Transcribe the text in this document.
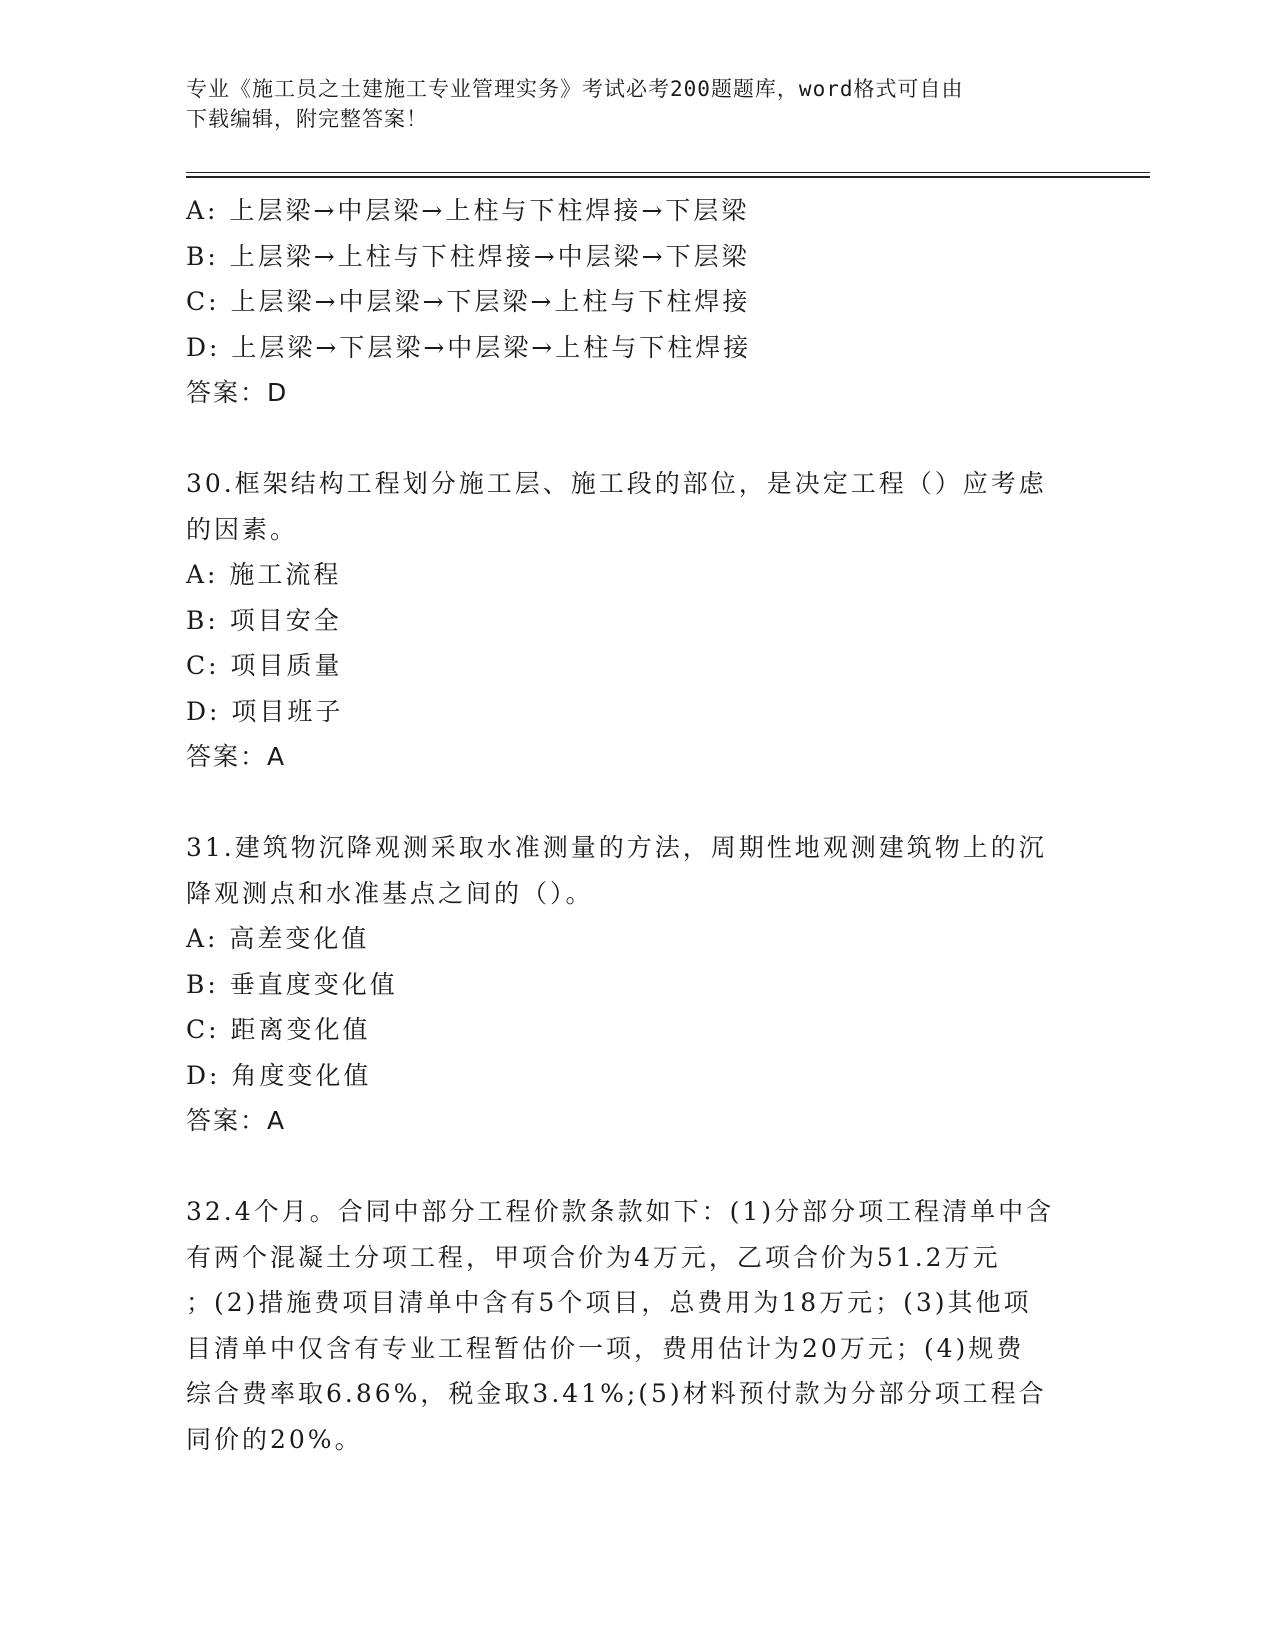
专业《施工员之土建施工专业管理实务》考试必考200题题库，word格式可自由
下载编辑，附完整答案！
A: 上层梁→中层梁→上柱与下柱焊接→下层梁
B: 上层梁→上柱与下柱焊接→中层梁→下层梁
C: 上层梁→中层梁→下层梁→上柱与下柱焊接
D: 上层梁→下层梁→中层梁→上柱与下柱焊接
答案：D
30.框架结构工程划分施工层、施工段的部位，是决定工程（）应考虑
的因素。
A: 施工流程
B: 项目安全
C: 项目质量
D: 项目班子
答案：A
31.建筑物沉降观测采取水准测量的方法，周期性地观测建筑物上的沉
降观测点和水准基点之间的（）。
A: 高差变化值
B: 垂直度变化值
C: 距离变化值
D: 角度变化值
答案：A
32.4个月。合同中部分工程价款条款如下：(1)分部分项工程清单中含
有两个混凝土分项工程，甲项合价为4万元，乙项合价为51.2万元
；(2)措施费项目清单中含有5个项目，总费用为18万元；(3)其他项
目清单中仅含有专业工程暂估价一项，费用估计为20万元；(4)规费
综合费率取6.86%，税金取3.41%;(5)材料预付款为分部分项工程合
同价的20%。
